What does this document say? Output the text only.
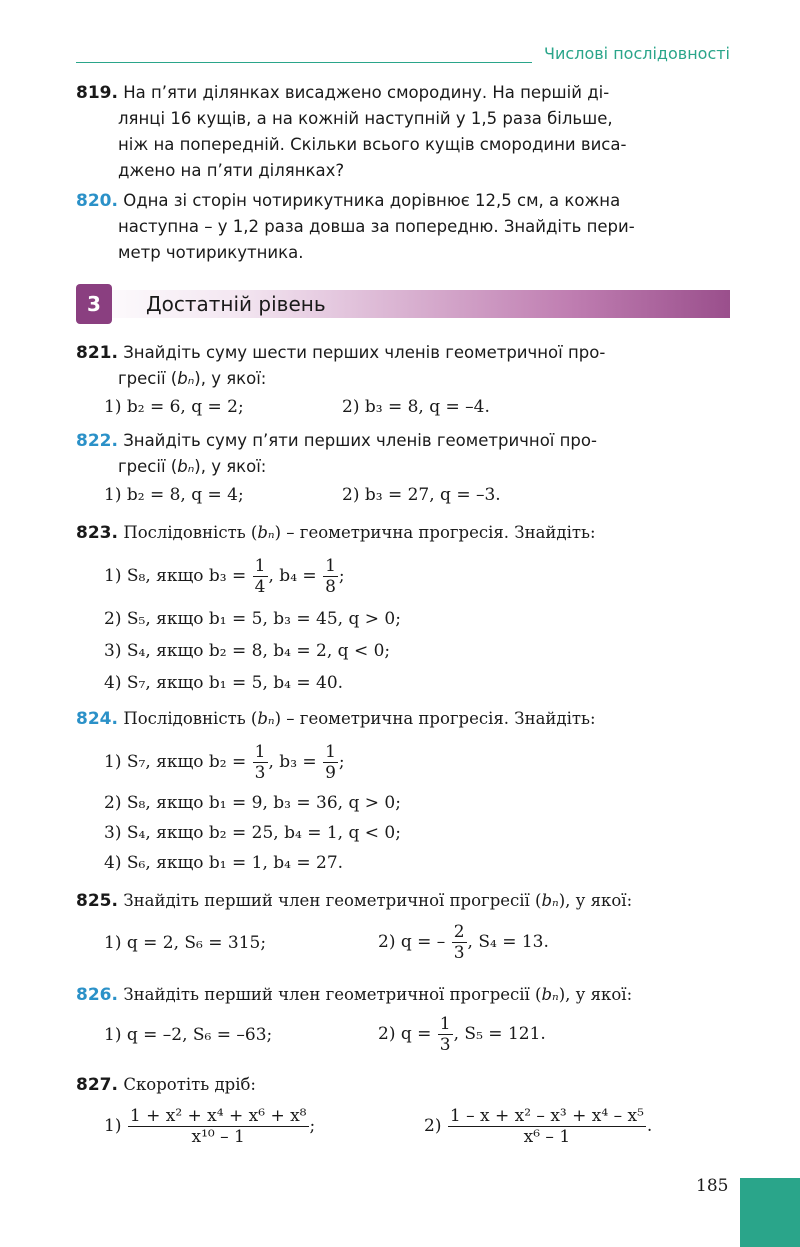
Числові послідовності
819. На п’яти ділянках висаджено смородину. На першій ді-
лянці 16 кущів, а на кожній наступній у 1,5 раза більше,
ніж на попередній. Скільки всього кущів смородини виса-
джено на п’яти ділянках?
820. Одна зі сторін чотирикутника дорівнює 12,5 см, а кожна
наступна – у 1,2 раза довша за попередню. Знайдіть пери-
метр чотирикутника.
3	Достатній рівень
821. Знайдіть суму шести перших членів геометричної про-
гресії (bₙ), у якої:
1) b₂ = 6, q = 2;	2) b₃ = 8, q = –4.
822. Знайдіть суму п’яти перших членів геометричної про-
гресії (bₙ), у якої:
1) b₂ = 8, q = 4;	2) b₃ = 27, q = –3.
823. Послідовність (bₙ) – геометрична прогресія. Знайдіть:
1) S₈, якщо $b_3 = \frac{1}{4}$ , $b_4 = \frac{1}{8}$ ;
2) S₅, якщо b₁ = 5, b₃ = 45, q > 0;
3) S₄, якщо b₂ = 8, b₄ = 2, q < 0;
4) S₇, якщо b₁ = 5, b₄ = 40.
824. Послідовність (bₙ) – геометрична прогресія. Знайдіть:
1) S₇, якщо $b_2 = \frac{1}{3}$ , $b_3 = \frac{1}{9}$ ;
2) S₈, якщо b₁ = 9, b₃ = 36, q > 0;
3) S₄, якщо b₂ = 25, b₄ = 1, q < 0;
4) S₆, якщо b₁ = 1, b₄ = 27.
825. Знайдіть перший член геометричної прогресії (bₙ), у якої:
1) q = 2, S₆ = 315;	2) q = – $\frac{2}{3}$ , S₄ = 13.
826. Знайдіть перший член геометричної прогресії (bₙ), у якої:
1) q = –2, S₆ = –63;	2) $q = \frac{1}{3}$ , S₅ = 121.
827. Скоротіть дріб:
$1) \frac{\text{1 + x² + x⁴ + x⁶ + x⁸}}{\text{x¹⁰ – 1}}$ ;	$2) \frac{\text{1 – x + x² – x³ + x⁴ – x⁵}}{\text{x⁶ – 1}}$ .
185
